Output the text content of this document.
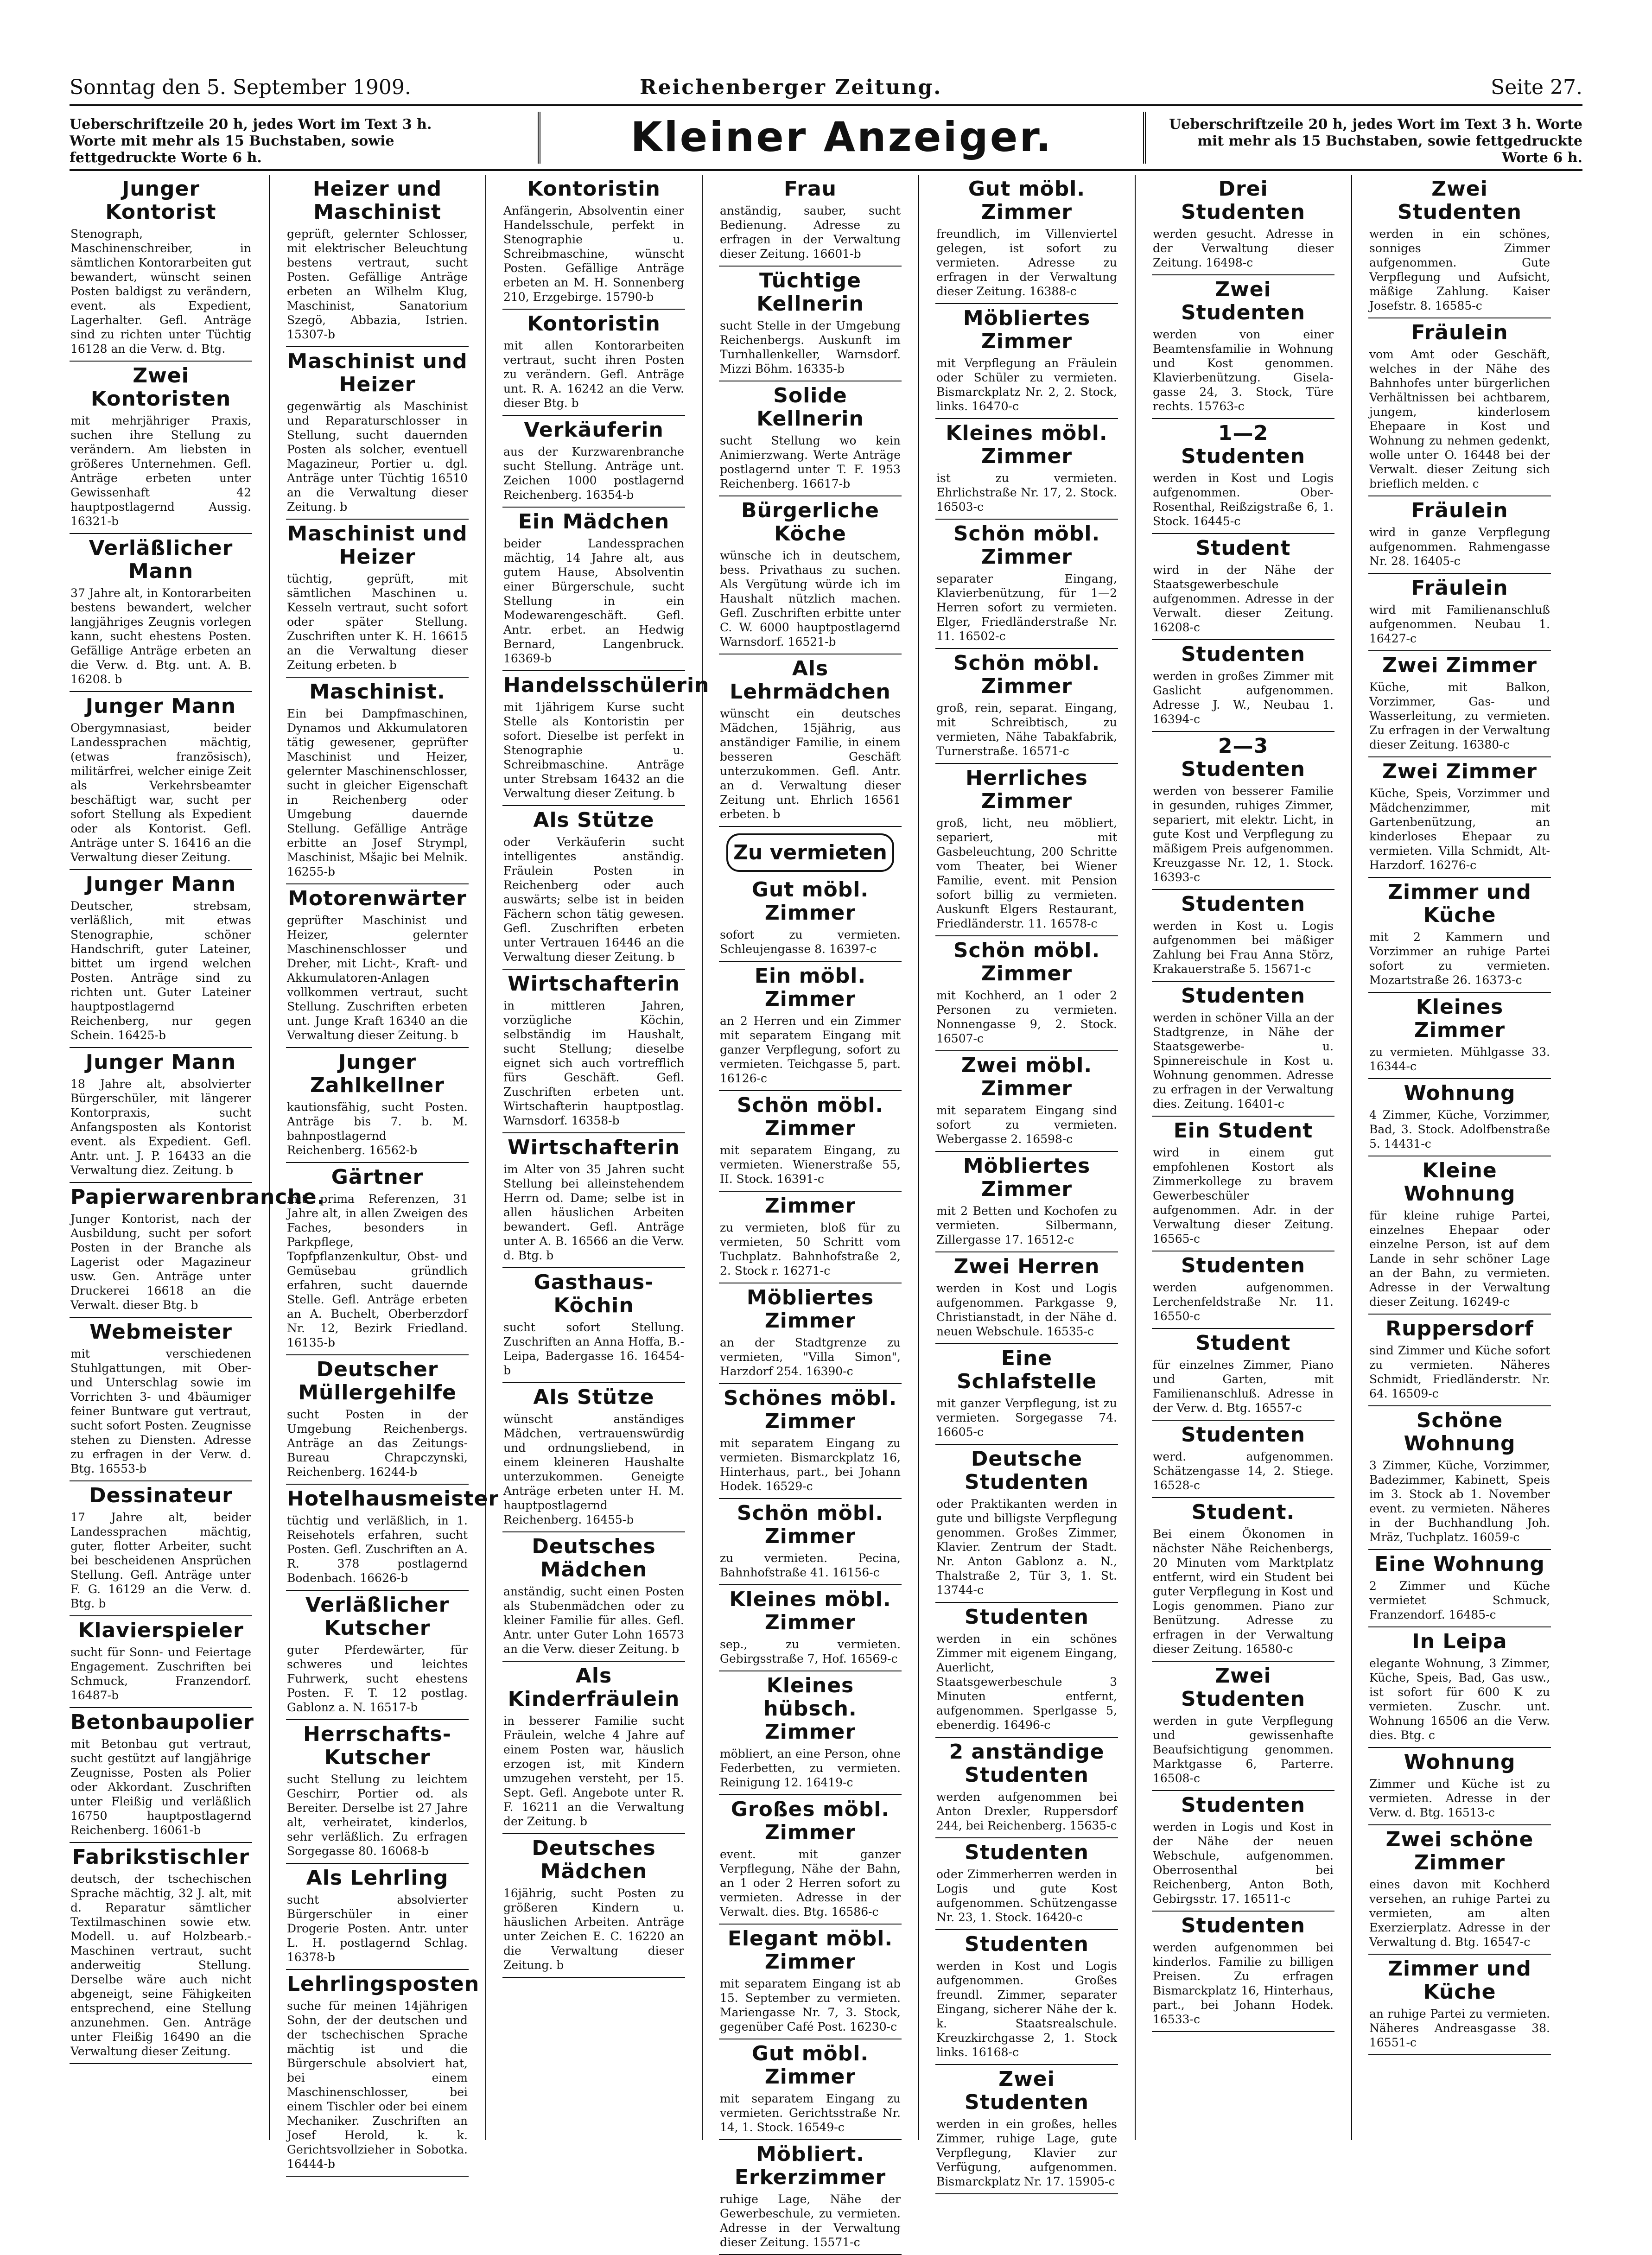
Sonntag den 5. September 1909.	Reichenberger Zeitung.	Seite 27.
Ueberschriftzeile 20 h, jedes Wort im Text 3 h. Worte mit mehr als 15 Buchstaben, sowie fettgedruckte Worte 6 h.	Kleiner Anzeiger.	Ueberschriftzeile 20 h, jedes Wort im Text 3 h. Worte mit mehr als 15 Buchstaben, sowie fettgedruckte Worte 6 h.
Junger Kontorist

Stenograph, Maschinenschreiber, in sämtlichen Kontorarbeiten gut bewandert, wünscht seinen Posten baldigst zu verändern, event. als Expedient, Lagerhalter. Gefl. Anträge sind zu richten unter Tüchtig 16128 an die Verw. d. Btg.

Zwei Kontoristen

mit mehrjähriger Praxis, suchen ihre Stellung zu verändern. Am liebsten in größeres Unternehmen. Gefl. Anträge erbeten unter Gewissenhaft 42 hauptpostlagernd Aussig. 16321-b

Verläßlicher Mann

37 Jahre alt, in Kontorarbeiten bestens bewandert, welcher langjähriges Zeugnis vorlegen kann, sucht ehestens Posten. Gefällige Anträge erbeten an die Verw. d. Btg. unt. A. B. 16208. b

Junger Mann

Obergymnasiast, beider Landessprachen mächtig, (etwas französisch), militärfrei, welcher einige Zeit als Verkehrsbeamter beschäftigt war, sucht per sofort Stellung als Expedient oder als Kontorist. Gefl. Anträge unter S. 16416 an die Verwaltung dieser Zeitung.

Junger Mann

Deutscher, strebsam, verläßlich, mit etwas Stenographie, schöner Handschrift, guter Lateiner, bittet um irgend welchen Posten. Anträge sind zu richten unt. Guter Lateiner hauptpostlagernd Reichenberg, nur gegen Schein. 16425-b

Junger Mann

18 Jahre alt, absolvierter Bürgerschüler, mit längerer Kontorpraxis, sucht Anfangsposten als Kontorist event. als Expedient. Gefl. Antr. unt. J. P. 16433 an die Verwaltung diez. Zeitung. b

Papierwarenbranche.

Junger Kontorist, nach der Ausbildung, sucht per sofort Posten in der Branche als Lagerist oder Magazineur usw. Gen. Anträge unter Druckerei 16618 an die Verwalt. dieser Btg. b

Webmeister

mit verschiedenen Stuhlgattungen, mit Ober- und Unterschlag sowie im Vorrichten 3- und 4bäumiger feiner Buntware gut vertraut, sucht sofort Posten. Zeugnisse stehen zu Diensten. Adresse zu erfragen in der Verw. d. Btg. 16553-b

Dessinateur

17 Jahre alt, beider Landessprachen mächtig, guter, flotter Arbeiter, sucht bei bescheidenen Ansprüchen Stellung. Gefl. Anträge unter F. G. 16129 an die Verw. d. Btg. b

Klavierspieler

sucht für Sonn- und Feiertage Engagement. Zuschriften bei Schmuck, Franzendorf. 16487-b

Betonbaupolier

mit Betonbau gut vertraut, sucht gestützt auf langjährige Zeugnisse, Posten als Polier oder Akkordant. Zuschriften unter Fleißig und verläßlich 16750 hauptpostlagernd Reichenberg. 16061-b

Fabrikstischler

deutsch, der tschechischen Sprache mächtig, 32 J. alt, mit d. Reparatur sämtlicher Textilmaschinen sowie etw. Modell. u. auf Holzbearb.-Maschinen vertraut, sucht anderweitig Stellung. Derselbe wäre auch nicht abgeneigt, seine Fähigkeiten entsprechend, eine Stellung anzunehmen. Gen. Anträge unter Fleißig 16490 an die Verwaltung dieser Zeitung.

Heizer und Maschinist

geprüft, gelernter Schlosser, mit elektrischer Beleuchtung bestens vertraut, sucht Posten. Gefällige Anträge erbeten an Wilhelm Klug, Maschinist, Sanatorium Szegö, Abbazia, Istrien. 15307-b

Maschinist und Heizer

gegenwärtig als Maschinist und Reparaturschlosser in Stellung, sucht dauernden Posten als solcher, eventuell Magazineur, Portier u. dgl. Anträge unter Tüchtig 16510 an die Verwaltung dieser Zeitung. b

Maschinist und Heizer

tüchtig, geprüft, mit sämtlichen Maschinen u. Kesseln vertraut, sucht sofort oder später Stellung. Zuschriften unter K. H. 16615 an die Verwaltung dieser Zeitung erbeten. b

Maschinist.

Ein bei Dampfmaschinen, Dynamos und Akkumulatoren tätig gewesener, geprüfter Maschinist und Heizer, gelernter Maschinenschlosser, sucht in gleicher Eigenschaft in Reichenberg oder Umgebung dauernde Stellung. Gefällige Anträge erbitte an Josef Strympl, Maschinist, Mšajic bei Melnik. 16255-b

Motorenwärter

geprüfter Maschinist und Heizer, gelernter Maschinenschlosser und Dreher, mit Licht-, Kraft- und Akkumulatoren-Anlagen vollkommen vertraut, sucht Stellung. Zuschriften erbeten unt. Junge Kraft 16340 an die Verwaltung dieser Zeitung. b

Junger Zahlkellner

kautionsfähig, sucht Posten. Anträge bis 7. b. M. bahnpostlagernd Reichenberg. 16562-b

Gärtner

mit prima Referenzen, 31 Jahre alt, in allen Zweigen des Faches, besonders in Parkpflege, Topfpflanzenkultur, Obst- und Gemüsebau gründlich erfahren, sucht dauernde Stelle. Gefl. Anträge erbeten an A. Buchelt, Oberberzdorf Nr. 12, Bezirk Friedland. 16135-b

Deutscher Müllergehilfe

sucht Posten in der Umgebung Reichenbergs. Anträge an das Zeitungs-Bureau Chrapczynski, Reichenberg. 16244-b

Hotelhausmeister

tüchtig und verläßlich, in 1. Reisehotels erfahren, sucht Posten. Gefl. Zuschriften an A. R. 378 postlagernd Bodenbach. 16626-b

Verläßlicher Kutscher

guter Pferdewärter, für schweres und leichtes Fuhrwerk, sucht ehestens Posten. F. T. 12 postlag. Gablonz a. N. 16517-b

Herrschafts-Kutscher

sucht Stellung zu leichtem Geschirr, Portier od. als Bereiter. Derselbe ist 27 Jahre alt, verheiratet, kinderlos, sehr verläßlich. Zu erfragen Sorgegasse 80. 16068-b

Als Lehrling

sucht absolvierter Bürgerschüler in einer Drogerie Posten. Antr. unter L. H. postlagernd Schlag. 16378-b

Lehrlingsposten

suche für meinen 14jährigen Sohn, der der deutschen und der tschechischen Sprache mächtig ist und die Bürgerschule absolviert hat, bei einem Maschinenschlosser, bei einem Tischler oder bei einem Mechaniker. Zuschriften an Josef Herold, k. k. Gerichtsvollzieher in Sobotka. 16444-b

Kontoristin

Anfängerin, Absolventin einer Handelsschule, perfekt in Stenographie u. Schreibmaschine, wünscht Posten. Gefällige Anträge erbeten an M. H. Sonnenberg 210, Erzgebirge. 15790-b

Kontoristin

mit allen Kontorarbeiten vertraut, sucht ihren Posten zu verändern. Gefl. Anträge unt. R. A. 16242 an die Verw. dieser Btg. b

Verkäuferin

aus der Kurzwarenbranche sucht Stellung. Anträge unt. Zeichen 1000 postlagernd Reichenberg. 16354-b

Ein Mädchen

beider Landessprachen mächtig, 14 Jahre alt, aus gutem Hause, Absolventin einer Bürgerschule, sucht Stellung in ein Modewarengeschäft. Gefl. Antr. erbet. an Hedwig Bernard, Langenbruck. 16369-b

Handelsschülerin

mit 1jährigem Kurse sucht Stelle als Kontoristin per sofort. Dieselbe ist perfekt in Stenographie u. Schreibmaschine. Anträge unter Strebsam 16432 an die Verwaltung dieser Zeitung. b

Als Stütze

oder Verkäuferin sucht intelligentes anständig. Fräulein Posten in Reichenberg oder auch auswärts; selbe ist in beiden Fächern schon tätig gewesen. Gefl. Zuschriften erbeten unter Vertrauen 16446 an die Verwaltung dieser Zeitung. b

Wirtschafterin

in mittleren Jahren, vorzügliche Köchin, selbständig im Haushalt, sucht Stellung; dieselbe eignet sich auch vortrefflich fürs Geschäft. Gefl. Zuschriften erbeten unt. Wirtschafterin hauptpostlag. Warnsdorf. 16358-b

Wirtschafterin

im Alter von 35 Jahren sucht Stellung bei alleinstehendem Herrn od. Dame; selbe ist in allen häuslichen Arbeiten bewandert. Gefl. Anträge unter A. B. 16566 an die Verw. d. Btg. b

Gasthaus-Köchin

sucht sofort Stellung. Zuschriften an Anna Hoffa, B.-Leipa, Badergasse 16. 16454-b

Als Stütze

wünscht anständiges Mädchen, vertrauenswürdig und ordnungsliebend, in einem kleineren Haushalte unterzukommen. Geneigte Anträge erbeten unter H. M. hauptpostlagernd Reichenberg. 16455-b

Deutsches Mädchen

anständig, sucht einen Posten als Stubenmädchen oder zu kleiner Familie für alles. Gefl. Antr. unter Guter Lohn 16573 an die Verw. dieser Zeitung. b

Als Kinderfräulein

in besserer Familie sucht Fräulein, welche 4 Jahre auf einem Posten war, häuslich erzogen ist, mit Kindern umzugehen versteht, per 15. Sept. Gefl. Angebote unter R. F. 16211 an die Verwaltung der Zeitung. b

Deutsches Mädchen

16jährig, sucht Posten zu größeren Kindern u. häuslichen Arbeiten. Anträge unter Zeichen E. C. 16220 an die Verwaltung dieser Zeitung. b

Frau

anständig, sauber, sucht Bedienung. Adresse zu erfragen in der Verwaltung dieser Zeitung. 16601-b

Tüchtige Kellnerin

sucht Stelle in der Umgebung Reichenbergs. Auskunft im Turnhallenkeller, Warnsdorf. Mizzi Böhm. 16335-b

Solide Kellnerin

sucht Stellung wo kein Animierzwang. Werte Anträge postlagernd unter T. F. 1953 Reichenberg. 16617-b

Bürgerliche Köche

wünsche ich in deutschem, bess. Privathaus zu suchen. Als Vergütung würde ich im Haushalt nützlich machen. Gefl. Zuschriften erbitte unter C. W. 6000 hauptpostlagernd Warnsdorf. 16521-b

Als Lehrmädchen

wünscht ein deutsches Mädchen, 15jährig, aus anständiger Familie, in einem besseren Geschäft unterzukommen. Gefl. Antr. an d. Verwaltung dieser Zeitung unt. Ehrlich 16561 erbeten. b

Zu vermieten
Gut möbl. Zimmer

sofort zu vermieten. Schleujengasse 8. 16397-c

Ein möbl. Zimmer

an 2 Herren und ein Zimmer mit separatem Eingang mit ganzer Verpflegung, sofort zu vermieten. Teichgasse 5, part. 16126-c

Schön möbl. Zimmer

mit separatem Eingang, zu vermieten. Wienerstraße 55, II. Stock. 16391-c

Zimmer

zu vermieten, bloß für zu vermieten, 50 Schritt vom Tuchplatz. Bahnhofstraße 2, 2. Stock r. 16271-c

Möbliertes Zimmer

an der Stadtgrenze zu vermieten, "Villa Simon", Harzdorf 254. 16390-c

Schönes möbl. Zimmer

mit separatem Eingang zu vermieten. Bismarckplatz 16, Hinterhaus, part., bei Johann Hodek. 16529-c

Schön möbl. Zimmer

zu vermieten. Pecina, Bahnhofstraße 41. 16156-c

Kleines möbl. Zimmer

sep., zu vermieten. Gebirgsstraße 7, Hof. 16569-c

Kleines hübsch. Zimmer

möbliert, an eine Person, ohne Federbetten, zu vermieten. Reinigung 12. 16419-c

Großes möbl. Zimmer

event. mit ganzer Verpflegung, Nähe der Bahn, an 1 oder 2 Herren sofort zu vermieten. Adresse in der Verwalt. dies. Btg. 16586-c

Elegant möbl. Zimmer

mit separatem Eingang ist ab 15. September zu vermieten. Mariengasse Nr. 7, 3. Stock, gegenüber Café Post. 16230-c

Gut möbl. Zimmer

mit separatem Eingang zu vermieten. Gerichtsstraße Nr. 14, 1. Stock. 16549-c

Möbliert. Erkerzimmer

ruhige Lage, Nähe der Gewerbeschule, zu vermieten. Adresse in der Verwaltung dieser Zeitung. 15571-c

Gut möbl. Zimmer

freundlich, im Villenviertel gelegen, ist sofort zu vermieten. Adresse zu erfragen in der Verwaltung dieser Zeitung. 16388-c

Möbliertes Zimmer

mit Verpflegung an Fräulein oder Schüler zu vermieten. Bismarckplatz Nr. 2, 2. Stock, links. 16470-c

Kleines möbl. Zimmer

ist zu vermieten. Ehrlichstraße Nr. 17, 2. Stock. 16503-c

Schön möbl. Zimmer

separater Eingang, Klavierbenützung, für 1—2 Herren sofort zu vermieten. Elger, Friedländerstraße Nr. 11. 16502-c

Schön möbl. Zimmer

groß, rein, separat. Eingang, mit Schreibtisch, zu vermieten, Nähe Tabakfabrik, Turnerstraße. 16571-c

Herrliches Zimmer

groß, licht, neu möbliert, separiert, mit Gasbeleuchtung, 200 Schritte vom Theater, bei Wiener Familie, event. mit Pension sofort billig zu vermieten. Auskunft Elgers Restaurant, Friedländerstr. 11. 16578-c

Schön möbl. Zimmer

mit Kochherd, an 1 oder 2 Personen zu vermieten. Nonnengasse 9, 2. Stock. 16507-c

Zwei möbl. Zimmer

mit separatem Eingang sind sofort zu vermieten. Webergasse 2. 16598-c

Möbliertes Zimmer

mit 2 Betten und Kochofen zu vermieten. Silbermann, Zillergasse 17. 16512-c

Zwei Herren

werden in Kost und Logis aufgenommen. Parkgasse 9, Christianstadt, in der Nähe d. neuen Webschule. 16535-c

Eine Schlafstelle

mit ganzer Verpflegung, ist zu vermieten. Sorgegasse 74. 16605-c

Deutsche Studenten

oder Praktikanten werden in gute und billigste Verpflegung genommen. Großes Zimmer, Klavier. Zentrum der Stadt. Nr. Anton Gablonz a. N., Thalstraße 2, Tür 3, 1. St. 13744-c

Studenten

werden in ein schönes Zimmer mit eigenem Eingang, Auerlicht, Staatsgewerbeschule 3 Minuten entfernt, aufgenommen. Sperlgasse 5, ebenerdig. 16496-c

2 anständige Studenten

werden aufgenommen bei Anton Drexler, Ruppersdorf 244, bei Reichenberg. 15635-c

Studenten

oder Zimmerherren werden in Logis und gute Kost aufgenommen. Schützengasse Nr. 23, 1. Stock. 16420-c

Studenten

werden in Kost und Logis aufgenommen. Großes freundl. Zimmer, separater Eingang, sicherer Nähe der k. k. Staatsrealschule. Kreuzkirchgasse 2, 1. Stock links. 16168-c

Zwei Studenten

werden in ein großes, helles Zimmer, ruhige Lage, gute Verpflegung, Klavier zur Verfügung, aufgenommen. Bismarckplatz Nr. 17. 15905-c

Drei Studenten

werden gesucht. Adresse in der Verwaltung dieser Zeitung. 16498-c

Zwei Studenten

werden von einer Beamtensfamilie in Wohnung und Kost genommen. Klavierbenützung. Gisela-gasse 24, 3. Stock, Türe rechts. 15763-c

1—2 Studenten

werden in Kost und Logis aufgenommen. Ober-Rosenthal, Reißzigstraße 6, 1. Stock. 16445-c

Student

wird in der Nähe der Staatsgewerbeschule aufgenommen. Adresse in der Verwalt. dieser Zeitung. 16208-c

Studenten

werden in großes Zimmer mit Gaslicht aufgenommen. Adresse J. W., Neubau 1. 16394-c

2—3 Studenten

werden von besserer Familie in gesunden, ruhiges Zimmer, separiert, mit elektr. Licht, in gute Kost und Verpflegung zu mäßigem Preis aufgenommen. Kreuzgasse Nr. 12, 1. Stock. 16393-c

Studenten

werden in Kost u. Logis aufgenommen bei mäßiger Zahlung bei Frau Anna Störz, Krakauerstraße 5. 15671-c

Studenten

werden in schöner Villa an der Stadtgrenze, in Nähe der Staatsgewerbe- u. Spinnereischule in Kost u. Wohnung genommen. Adresse zu erfragen in der Verwaltung dies. Zeitung. 16401-c

Ein Student

wird in einem gut empfohlenen Kostort als Zimmerkollege zu bravem Gewerbeschüler aufgenommen. Adr. in der Verwaltung dieser Zeitung. 16565-c

Studenten

werden aufgenommen. Lerchenfeldstraße Nr. 11. 16550-c

Student

für einzelnes Zimmer, Piano und Garten, mit Familienanschluß. Adresse in der Verw. d. Btg. 16557-c

Studenten

werd. aufgenommen. Schätzengasse 14, 2. Stiege. 16528-c

Student.

Bei einem Ökonomen in nächster Nähe Reichenbergs, 20 Minuten vom Marktplatz entfernt, wird ein Student bei guter Verpflegung in Kost und Logis genommen. Piano zur Benützung. Adresse zu erfragen in der Verwaltung dieser Zeitung. 16580-c

Zwei Studenten

werden in gute Verpflegung und gewissenhafte Beaufsichtigung genommen. Marktgasse 6, Parterre. 16508-c

Studenten

werden in Logis und Kost in der Nähe der neuen Webschule, aufgenommen. Oberrosenthal bei Reichenberg, Anton Both, Gebirgsstr. 17. 16511-c

Studenten

werden aufgenommen bei kinderlos. Familie zu billigen Preisen. Zu erfragen Bismarckplatz 16, Hinterhaus, part., bei Johann Hodek. 16533-c

Zwei Studenten

werden in ein schönes, sonniges Zimmer aufgenommen. Gute Verpflegung und Aufsicht, mäßige Zahlung. Kaiser Josefstr. 8. 16585-c

Fräulein

vom Amt oder Geschäft, welches in der Nähe des Bahnhofes unter bürgerlichen Verhältnissen bei achtbarem, jungem, kinderlosem Ehepaare in Kost und Wohnung zu nehmen gedenkt, wolle unter O. 16448 bei der Verwalt. dieser Zeitung sich brieflich melden. c

Fräulein

wird in ganze Verpflegung aufgenommen. Rahmengasse Nr. 28. 16405-c

Fräulein

wird mit Familienanschluß aufgenommen. Neubau 1. 16427-c

Zwei Zimmer

Küche, mit Balkon, Vorzimmer, Gas- und Wasserleitung, zu vermieten. Zu erfragen in der Verwaltung dieser Zeitung. 16380-c

Zwei Zimmer

Küche, Speis, Vorzimmer und Mädchenzimmer, mit Gartenbenützung, an kinderloses Ehepaar zu vermieten. Villa Schmidt, Alt-Harzdorf. 16276-c

Zimmer und Küche

mit 2 Kammern und Vorzimmer an ruhige Partei sofort zu vermieten. Mozartstraße 26. 16373-c

Kleines Zimmer

zu vermieten. Mühlgasse 33. 16344-c

Wohnung

4 Zimmer, Küche, Vorzimmer, Bad, 3. Stock. Adolfbenstraße 5. 14431-c

Kleine Wohnung

für kleine ruhige Partei, einzelnes Ehepaar oder einzelne Person, ist auf dem Lande in sehr schöner Lage an der Bahn, zu vermieten. Adresse in der Verwaltung dieser Zeitung. 16249-c

Ruppersdorf

sind Zimmer und Küche sofort zu vermieten. Näheres Schmidt, Friedländerstr. Nr. 64. 16509-c

Schöne Wohnung

3 Zimmer, Küche, Vorzimmer, Badezimmer, Kabinett, Speis im 3. Stock ab 1. November event. zu vermieten. Näheres in der Buchhandlung Joh. Mräz, Tuchplatz. 16059-c

Eine Wohnung

2 Zimmer und Küche vermietet Schmuck, Franzendorf. 16485-c

In Leipa

elegante Wohnung, 3 Zimmer, Küche, Speis, Bad, Gas usw., ist sofort für 600 K zu vermieten. Zuschr. unt. Wohnung 16506 an die Verw. dies. Btg. c

Wohnung

Zimmer und Küche ist zu vermieten. Adresse in der Verw. d. Btg. 16513-c

Zwei schöne Zimmer

eines davon mit Kochherd versehen, an ruhige Partei zu vermieten, am alten Exerzierplatz. Adresse in der Verwaltung d. Btg. 16547-c

Zimmer und Küche

an ruhige Partei zu vermieten. Näheres Andreasgasse 38. 16551-c
